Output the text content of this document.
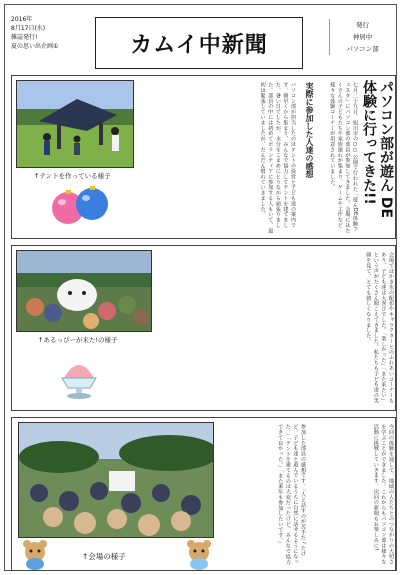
2016年
8月17日(水)
雑誌発行!
夏の思い出企画①	カムイ中新聞
発行
神居中
パソコン部
↑テントを作っている様子	パソコン部が遊ん DE 体験に行ってきた!!
七月二十九日、旭川市の○○公園で行われた「遊んDE体験フェスタ」にパソコン部の部員が参加してきました。会場にはたくさんの子どもたちや家族連れが集まり、ゲームや工作など様々な体験コーナーが用意されていました。
実際に参加した人達の感想
パソコン部が担当したのはテントの設営と子ども達の案内です。朝早くから集まり、みんなで協力してテントを建てました。暑い日でしたが、水分をこまめにとりながら頑張りました。部員の中には初めてボランティアに参加する人もいて、最初は緊張していましたが、だんだん慣れていきました。
↑あるっぴーが来た!の様子	会場ではかき氷の配布やキャラクターとのふれあいコーナーもあり、子ども達は大喜びでした。「楽しかった」「また来たい」という声がたくさん聞こえてきました。私たちも子ども達の笑顔を見て、とても嬉しくなりました。
↑会場の様子
参加した部員の感想です。「人と話すのが苦手だったけど、子ども達と遊んでいるうちに自然に話せるようになった。」「テントを建てるのは大変だったけど、みんなで協力できて良かった。」「また来年も参加したいです。」	今回の体験を通して、地域の人たちとのつながりの大切さを学ぶことができました。これからもパソコン部は様々な活動に挑戦していきます。次回の新聞もお楽しみに!
